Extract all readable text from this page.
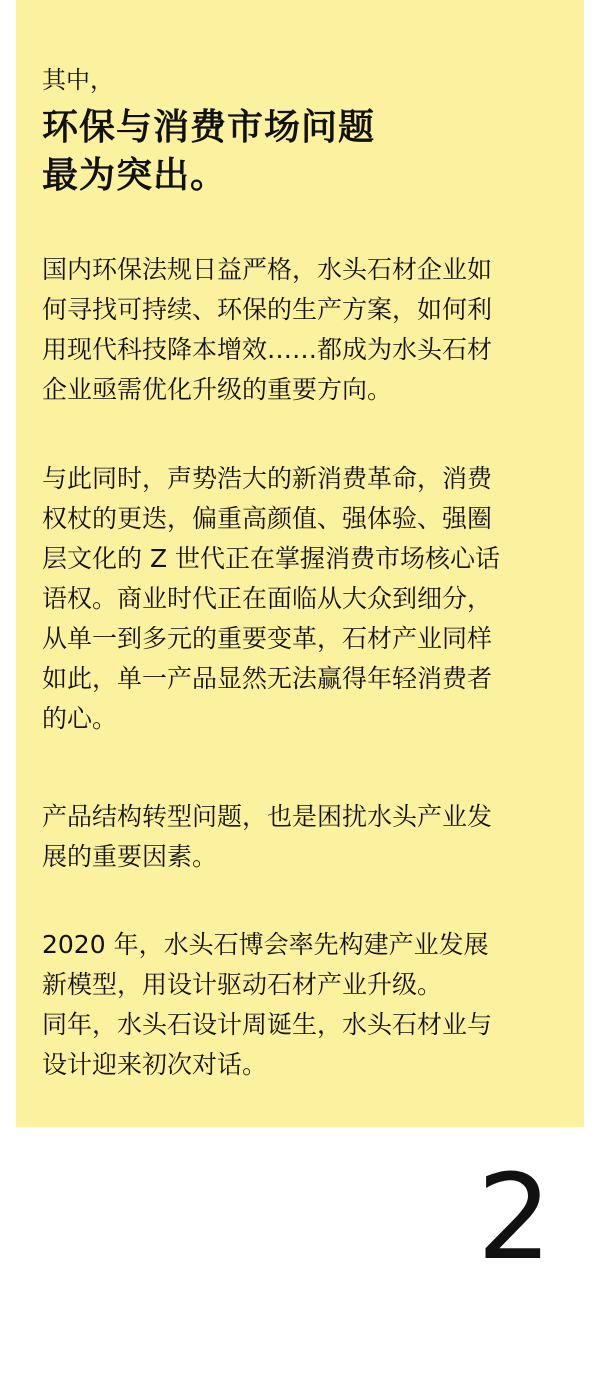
其中，

环保与消费市场问题
最为突出。

国内环保法规日益严格，水头石材企业如
何寻找可持续、环保的生产方案，如何利
用现代科技降本增效……都成为水头石材
企业亟需优化升级的重要方向。

与此同时，声势浩大的新消费革命，消费
权杖的更迭，偏重高颜值、强体验、强圈
层文化的 Z 世代正在掌握消费市场核心话
语权。商业时代正在面临从大众到细分，
从单一到多元的重要变革，石材产业同样
如此，单一产品显然无法赢得年轻消费者
的心。

产品结构转型问题，也是困扰水头产业发
展的重要因素。

2020 年，水头石博会率先构建产业发展
新模型，用设计驱动石材产业升级。
同年，水头石设计周诞生，水头石材业与
设计迎来初次对话。

2
